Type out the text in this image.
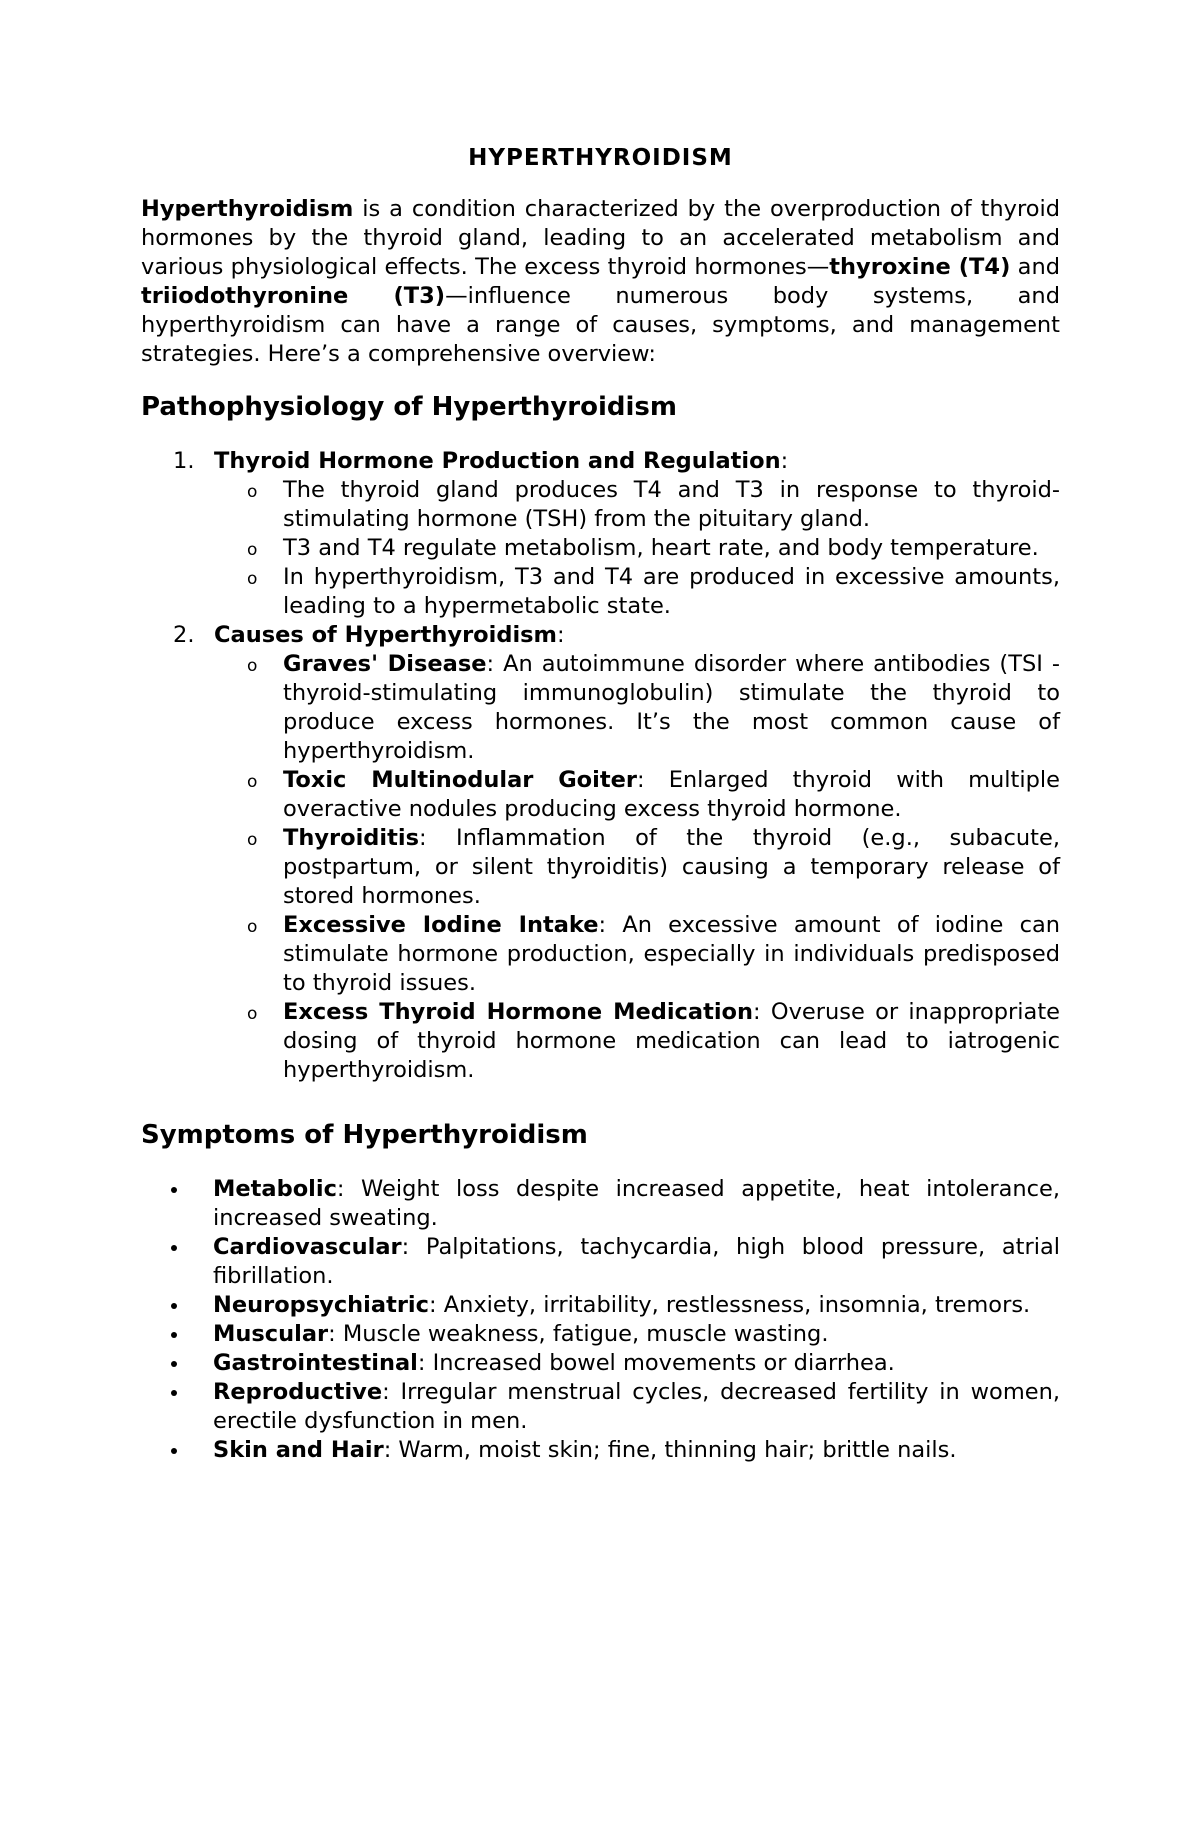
HYPERTHYROIDISM

Hyperthyroidism is a condition characterized by the overproduction of thyroid hormones by the thyroid gland, leading to an accelerated metabolism and various physiological effects. The excess thyroid hormones—thyroxine (T4) and triiodothyronine (T3)—influence numerous body systems, and hyperthyroidism can have a range of causes, symptoms, and management strategies. Here’s a comprehensive overview:

Pathophysiology of Hyperthyroidism
1. Thyroid Hormone Production and Regulation:
o The thyroid gland produces T4 and T3 in response to thyroid-stimulating hormone (TSH) from the pituitary gland.
o T3 and T4 regulate metabolism, heart rate, and body temperature.
o In hyperthyroidism, T3 and T4 are produced in excessive amounts, leading to a hypermetabolic state.
2. Causes of Hyperthyroidism:
o Graves' Disease: An autoimmune disorder where antibodies (TSI - thyroid-stimulating immunoglobulin) stimulate the thyroid to produce excess hormones. It’s the most common cause of hyperthyroidism.
o Toxic Multinodular Goiter: Enlarged thyroid with multiple overactive nodules producing excess thyroid hormone.
o Thyroiditis: Inflammation of the thyroid (e.g., subacute, postpartum, or silent thyroiditis) causing a temporary release of stored hormones.
o Excessive Iodine Intake: An excessive amount of iodine can stimulate hormone production, especially in individuals predisposed to thyroid issues.
o Excess Thyroid Hormone Medication: Overuse or inappropriate dosing of thyroid hormone medication can lead to iatrogenic hyperthyroidism.
Symptoms of Hyperthyroidism
Metabolic: Weight loss despite increased appetite, heat intolerance, increased sweating.
Cardiovascular: Palpitations, tachycardia, high blood pressure, atrial fibrillation.
Neuropsychiatric: Anxiety, irritability, restlessness, insomnia, tremors.
Muscular: Muscle weakness, fatigue, muscle wasting.
Gastrointestinal: Increased bowel movements or diarrhea.
Reproductive: Irregular menstrual cycles, decreased fertility in women, erectile dysfunction in men.
Skin and Hair: Warm, moist skin; fine, thinning hair; brittle nails.
